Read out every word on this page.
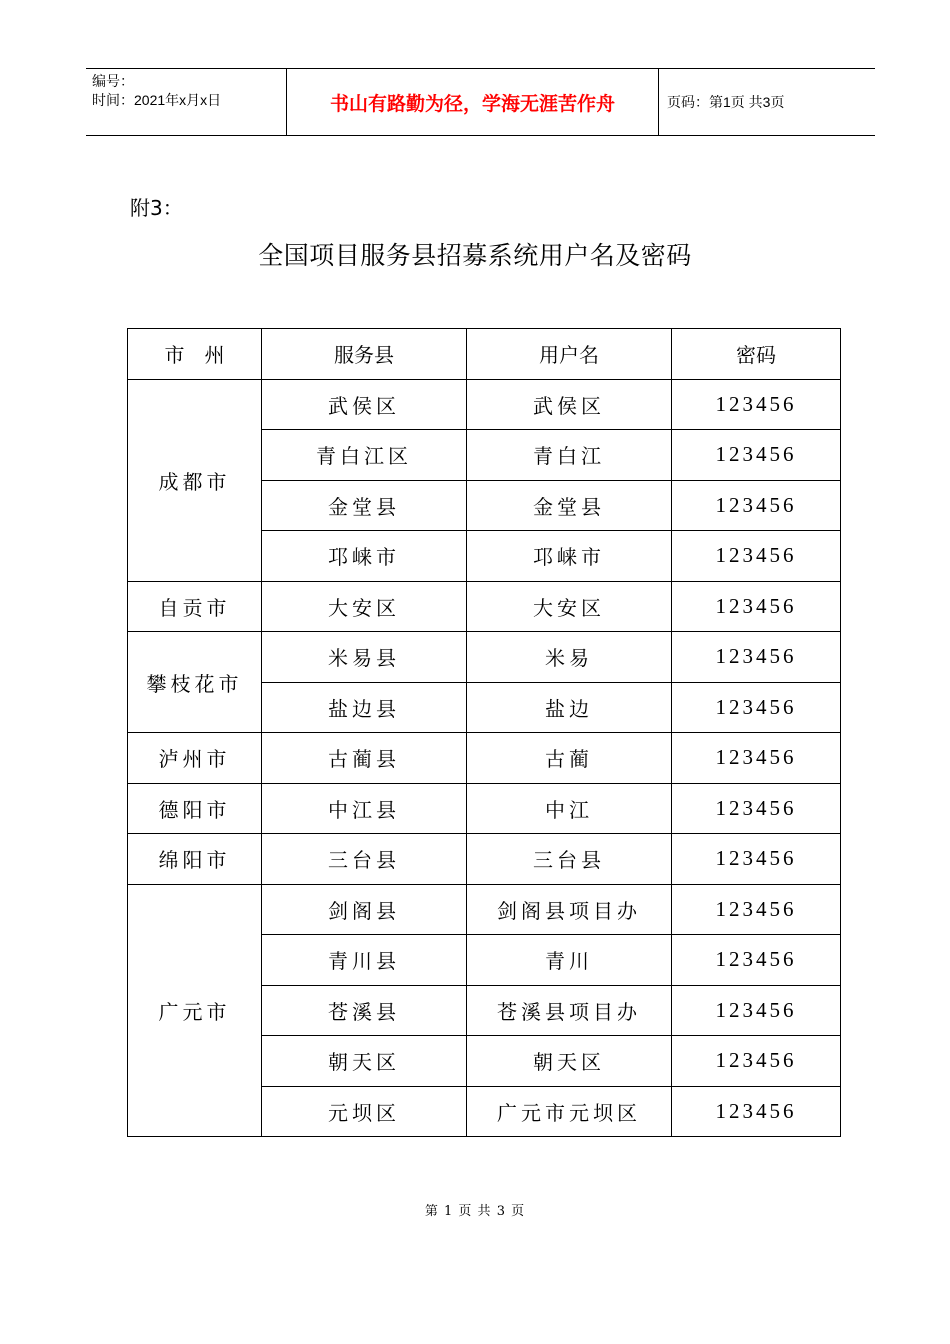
编号：
时间：2021年x月x日	书山有路勤为径，学海无涯苦作舟	页码：第1页 共3页
附3：
全国项目服务县招募系统用户名及密码
市　州	服务县	用户名	密码
成都市	武侯区	武侯区	123456
	青白江区	青白江	123456
	金堂县	金堂县	123456
	邛崃市	邛崃市	123456
自贡市	大安区	大安区	123456
攀枝花市	米易县	米易	123456
	盐边县	盐边	123456
泸州市	古蔺县	古蔺	123456
德阳市	中江县	中江	123456
绵阳市	三台县	三台县	123456
广元市	剑阁县	剑阁县项目办	123456
	青川县	青川	123456
	苍溪县	苍溪县项目办	123456
	朝天区	朝天区	123456
	元坝区	广元市元坝区	123456
第 1 页 共 3 页
